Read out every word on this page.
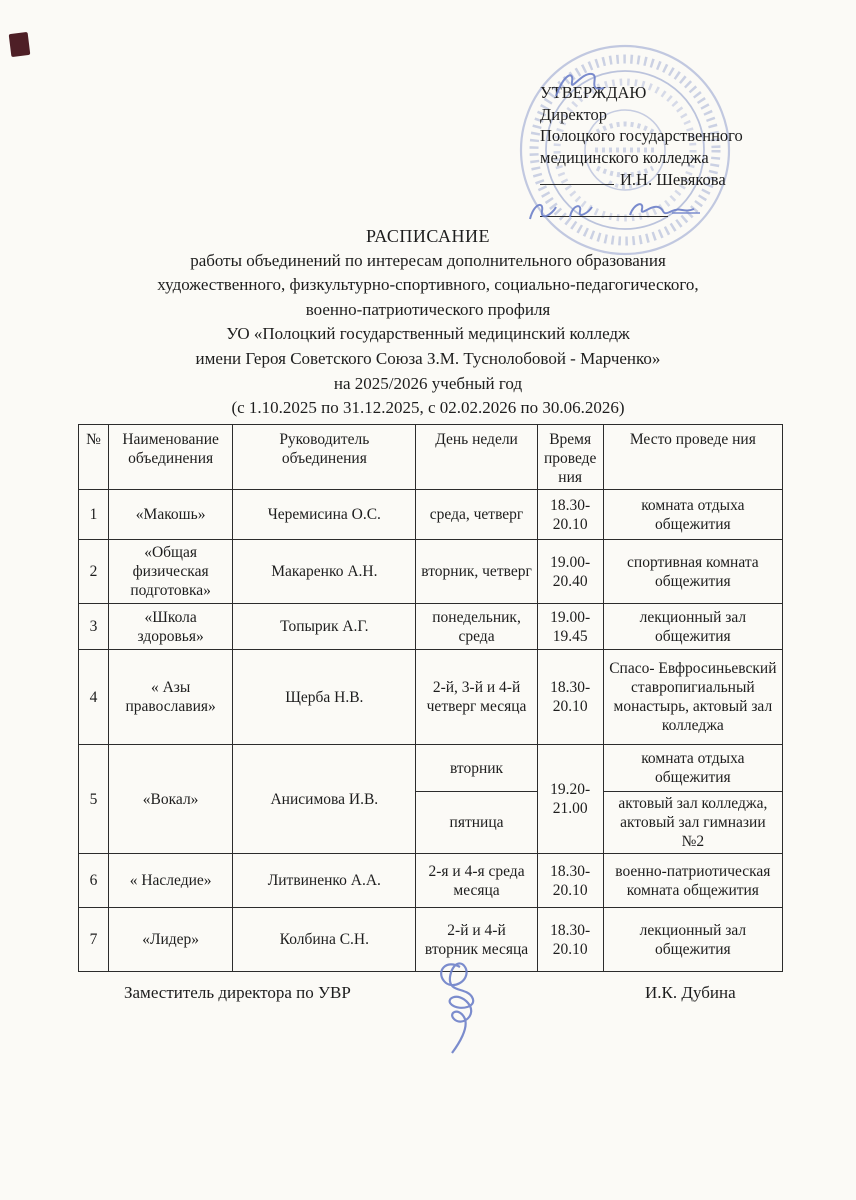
УТВЕРЖДАЮ
Директор
Полоцкого государственного
медицинского колледжа
И.Н. Шевякова
РАСПИСАНИЕ
работы объединений по интересам дополнительного образования
художественного, физкультурно-спортивного, социально-педагогического,
военно-патриотического профиля
УО «Полоцкий государственный медицинский колледж
имени Героя Советского Союза З.М. Туснолобовой - Марченко»
на 2025/2026 учебный год
(с 1.10.2025 по 31.12.2025, с 02.02.2026 по 30.06.2026)
№	Наименование объединения	Руководитель объединения	День недели	Время проведе ния	Место проведе ния
1	«Макошь»	Черемисина О.С.	среда, четверг	18.30-20.10	комната отдыха общежития
2	«Общая физическая подготовка»	Макаренко А.Н.	вторник, четверг	19.00-20.40	спортивная комната общежития
3	«Школа здоровья»	Топырик А.Г.	понедельник, среда	19.00-19.45	лекционный зал общежития
4	« Азы православия»	Щерба Н.В.	2-й, 3-й и 4-й четверг месяца	18.30-20.10	Спасо- Евфросиньевский ставропигиальный монастырь, актовый зал колледжа
5	«Вокал»	Анисимова И.В.	вторник	19.20-21.00	комната отдыха общежития
			пятница		актовый зал колледжа, актовый зал гимназии №2
6	« Наследие»	Литвиненко А.А.	2-я и 4-я среда месяца	18.30-20.10	военно-патриотическая комната общежития
7	«Лидер»	Колбина С.Н.	2-й и 4-й вторник месяца	18.30-20.10	лекционный зал общежития
Заместитель директора по УВР	И.К. Дубина
